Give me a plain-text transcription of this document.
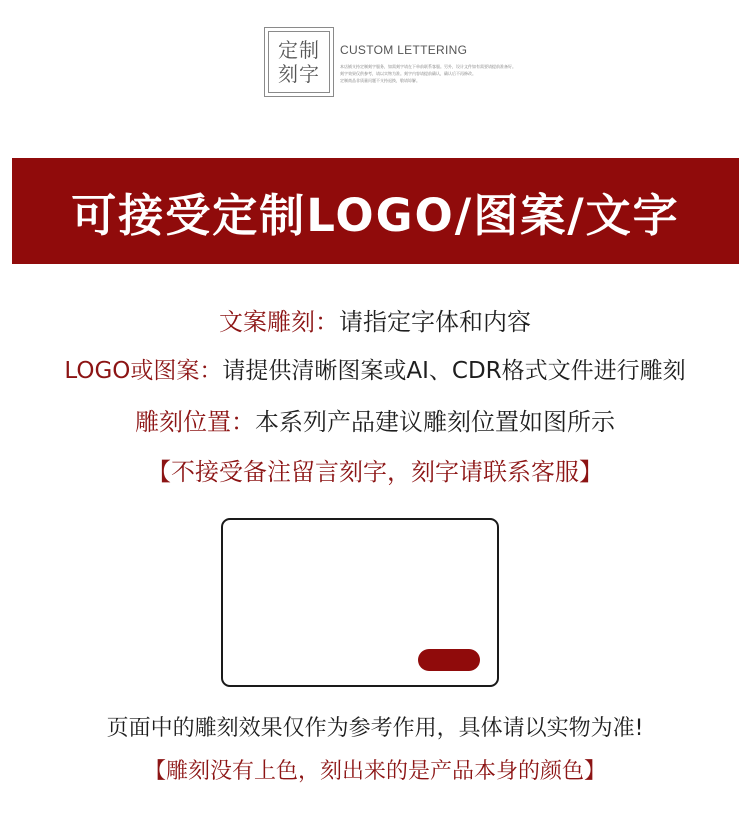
定制
刻字
CUSTOM LETTERING
本店铺支持定制刻字服务，如需刻字请在下单前联系客服。另外，设计文件如有需要请提前准备好。
刻字效果仅供参考，请以实物为准。刻字内容请提前确认，确认后不再修改。
定制商品非质量问题不支持退换，敬请谅解。
可接受定制LOGO/图案/文字
文案雕刻：请指定字体和内容
LOGO或图案：请提供清晰图案或AI、CDR格式文件进行雕刻
雕刻位置：本系列产品建议雕刻位置如图所示
【不接受备注留言刻字，刻字请联系客服】
页面中的雕刻效果仅作为参考作用，具体请以实物为准!
【雕刻没有上色，刻出来的是产品本身的颜色】
